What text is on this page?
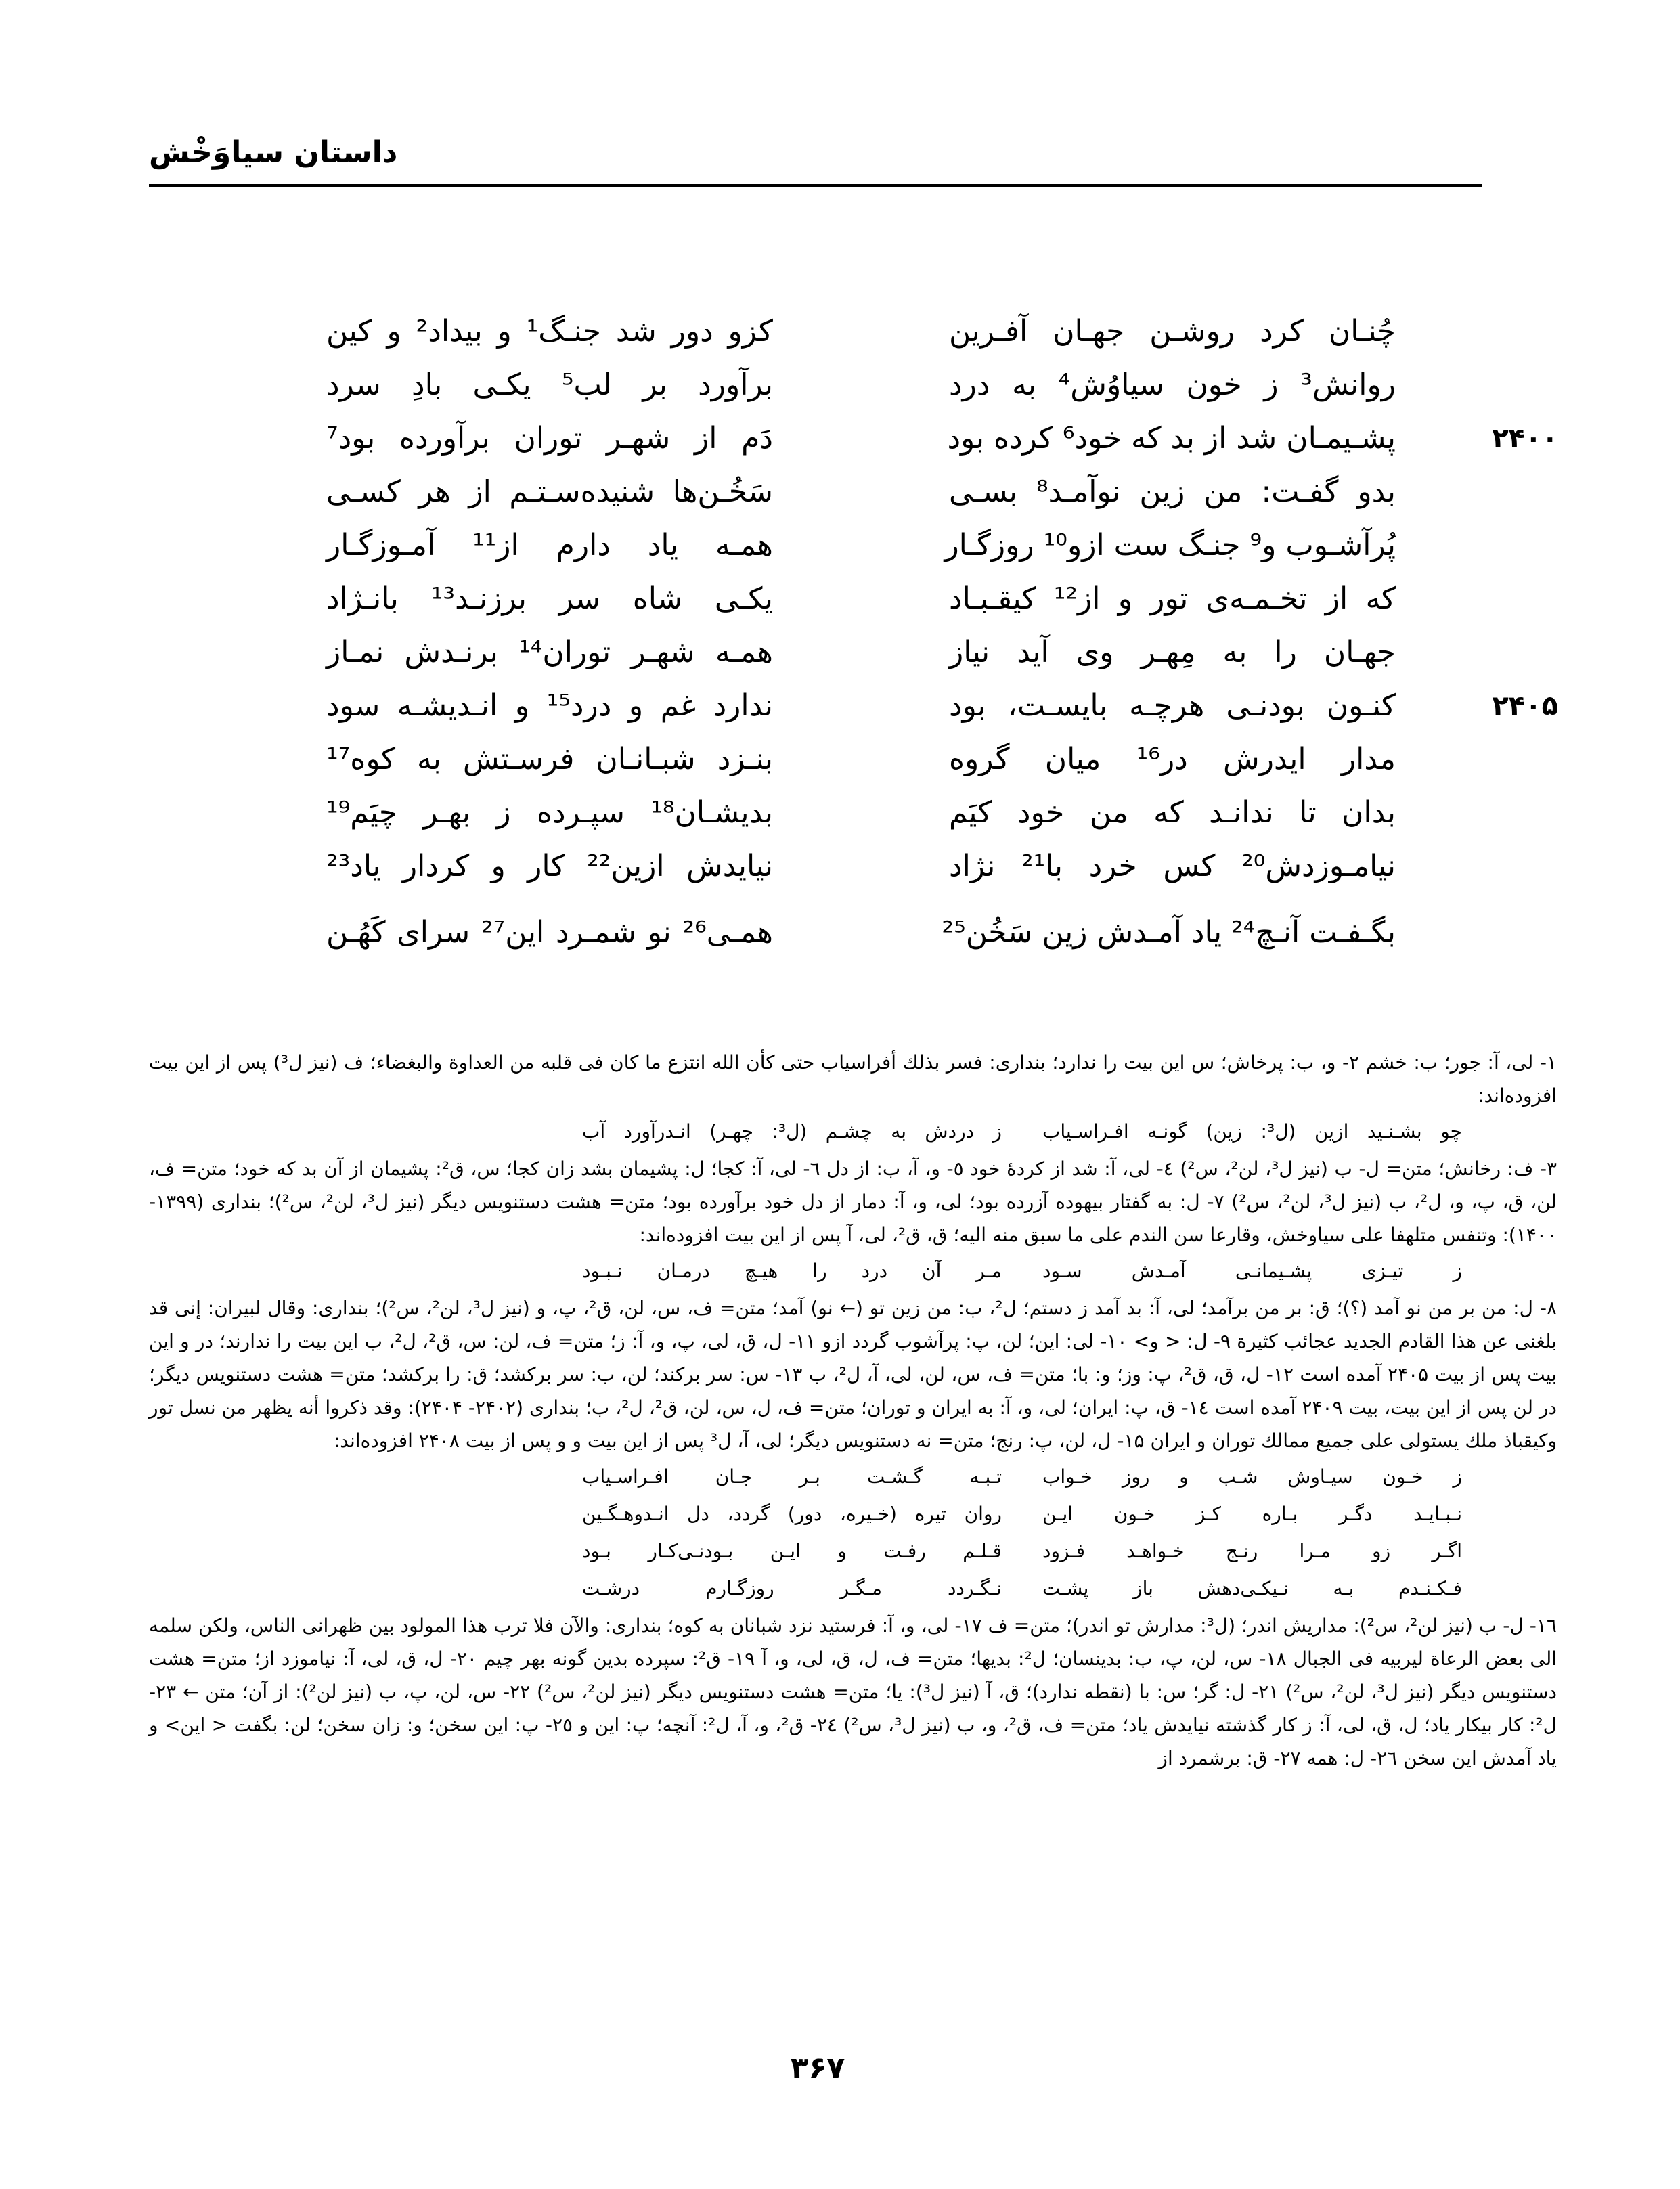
داستان سیاوَخْش
چُنـان کرد روشـن جهـان آفـرین
کزو دور شد جنـگ¹ و بیداد² و کین
روانش³ ز خون سیاوُش⁴ به درد
برآورد بر لب⁵ یکـی بادِ سرد
۲۴۰۰
پشـیمـان شد از بد که خود⁶ کرده بود
دَم از شهـر توران برآورده بود⁷
بدو گفـت: من زین نوآمـد⁸ بسـی
سَخُـن‌ها شنیده‌سـتـم از هر کسـی
پُرآشـوب و⁹ جنـگ ست ازو¹⁰ روزگـار
همـه یاد دارم از¹¹ آمـوزگـار
که از تخـمـه‌ی تور و از¹² کیقـبـاد
یکـی شاه سر برزنـد¹³ بانـژاد
جهـان را به مِهـر وی آید نیاز
همـه شهـر توران¹⁴ برنـدش نمـاز
۲۴۰۵
کنـون بودنـی هرچـه بایسـت، بود
ندارد غم و درد¹⁵ و انـدیشـه سود
مدار ایدرش در¹⁶ میان گروه
بنـزد شبـانـان فرسـتش به کوه¹⁷
بدان تا ندانـد که من خود کیَم
بدیشـان¹⁸ سپـرده ز بهـر چیَم¹⁹
نیامـوزدش²⁰ کس خرد با²¹ نژاد
نیایدش ازین²² کار و کردار یاد²³
بگـفـت آنـچ²⁴ یاد آمـدش زین سَخُن²⁵
همـی²⁶ نو شمـرد این²⁷ سرای کَهُـن

۱- لی، آ: جور؛ ب: خشم ۲- و، ب: پرخاش؛ س این بیت را ندارد؛ بنداری: فسر بذلك أفراسیاب حتی كأن الله انتزع ما كان فی قلبه من العداوة والبغضاء؛ ف (نیز ل³) پس از این بیت افزوده‌اند:

چو بشـنـید ازین (ل³: زین) گونـه افـراسـیاب
ز دردش به چشـم (ل³: چهـر) انـدرآورد آب

۳- ف: رخانش؛ متن= ل- ب (نیز ل³، لن²، س²) ٤- لی، آ: شد از کردهٔ خود ٥- و، آ، ب: از دل ٦- لی، آ: کجا؛ ل: پشیمان بشد زان کجا؛ س، ق²: پشیمان از آن بد که خود؛ متن= ف، لن، ق، پ، و، ل²، ب (نیز ل³، لن²، س²) ٧- ل: به گفتار بیهوده آزرده بود؛ لی، و، آ: دمار از دل خود برآورده بود؛ متن= هشت دستنویس دیگر (نیز ل³، لن²، س²)؛ بنداری (۱۳۹۹- ۱۴۰۰): وتنفس متلهفا علی سیاوخش، وقارعا سن الندم علی ما سبق منه الیه؛ ق، ق²، لی، آ پس از این بیت افزوده‌اند:

ز تیـزی پشـیمانـی آمـدش سـود
مـر آن درد را هیـچ درمـان نـبـود

۸- ل: من بر من نو آمد (؟)؛ ق: بر من برآمد؛ لی، آ: بد آمد ز دستم؛ ل²، ب: من زین تو (← نو) آمد؛ متن= ف، س، لن، ق²، پ، و (نیز ل³، لن²، س²)؛ بنداری: وقال لبیران: إنی قد بلغنی عن هذا القادم الجدید عجائب كثیرة ۹- ل: < و> ۱۰- لی: این؛ لن، پ: پرآشوب گردد ازو ۱۱- ل، ق، لی، پ، و، آ: ز؛ متن= ف، لن: س، ق²، ل²، ب این بیت را ندارند؛ در و این بیت پس از بیت ۲۴۰۵ آمده است ۱۲- ل، ق، ق²، پ: وز؛ و: با؛ متن= ف، س، لن، لی، آ، ل²، ب ۱۳- س: سر برکند؛ لن، ب: سر برکشد؛ ق: را برکشد؛ متن= هشت دستنویس دیگر؛ در لن پس از این بیت، بیت ۲۴۰۹ آمده است ١٤- ق، پ: ایران؛ لی، و، آ: به ایران و توران؛ متن= ف، ل، س، لن، ق²، ل²، ب؛ بنداری (۲۴۰۲- ۲۴۰۴): وقد ذكروا أنه یظهر من نسل تور وكیقباذ ملك یستولی علی جمیع ممالك توران و ایران ۱۵- ل، لن، پ: رنج؛ متن= نه دستنویس دیگر؛ لی، آ، ل³ پس از این بیت و و پس از بیت ۲۴۰۸ افزوده‌اند:

ز خـون سیـاوش شـب و روز خـواب
تـبـه گـشـت بـر جـان افـراسـیاب
نـبـایـد دگـر بـاره کـز خـون ایـن
روان تیره (خـیره، دور) گردد، دل انـدوهـگـین
اگـر زو مـرا رنـج خـواهـد فـزود
قـلـم رفـت و ایـن بـودنـی‌کـار بـود
فـکـنـدم بـه نـیکـی‌دهش باز پشـت
نـگـردد مـگـر روزگـارم درشـت

۱٦- ل- ب (نیز لن²، س²): مداریش اندر؛ (ل³: مدارش تو اندر)؛ متن= ف ۱۷- لی، و، آ: فرستید نزد شبانان به کوه؛ بنداری: والآن فلا ترب هذا المولود بین ظهرانی الناس، ولكن سلمه الی بعض الرعاة لیربیه فی الجبال ۱۸- س، لن، پ، ب: بدینسان؛ ل²: بدیها؛ متن= ف، ل، ق، لی، و، آ ۱۹- ق²: سپرده بدین گونه بهر چیم ۲۰- ل، ق، لی، آ: نیاموزد از؛ متن= هشت دستنویس دیگر (نیز ل³، لن²، س²) ۲۱- ل: گر؛ س: با (نقطه ندارد)؛ ق، آ (نیز ل³): یا؛ متن= هشت دستنویس دیگر (نیز لن²، س²) ۲۲- س، لن، پ، ب (نیز لن²): از آن؛ متن ← ۲۳- ل²: کار بیکار یاد؛ ل، ق، لی، آ: ز کار گذشته نیایدش یاد؛ متن= ف، ق²، و، ب (نیز ل³، س²) ۲٤- ق²، و، آ، ل²: آنچه؛ پ: این و ۲٥- پ: این سخن؛ و: زان سخن؛ لن: بگفت < این> و یاد آمدش این سخن ۲٦- ل: همه ۲۷- ق: برشمرد از

۳۶۷
